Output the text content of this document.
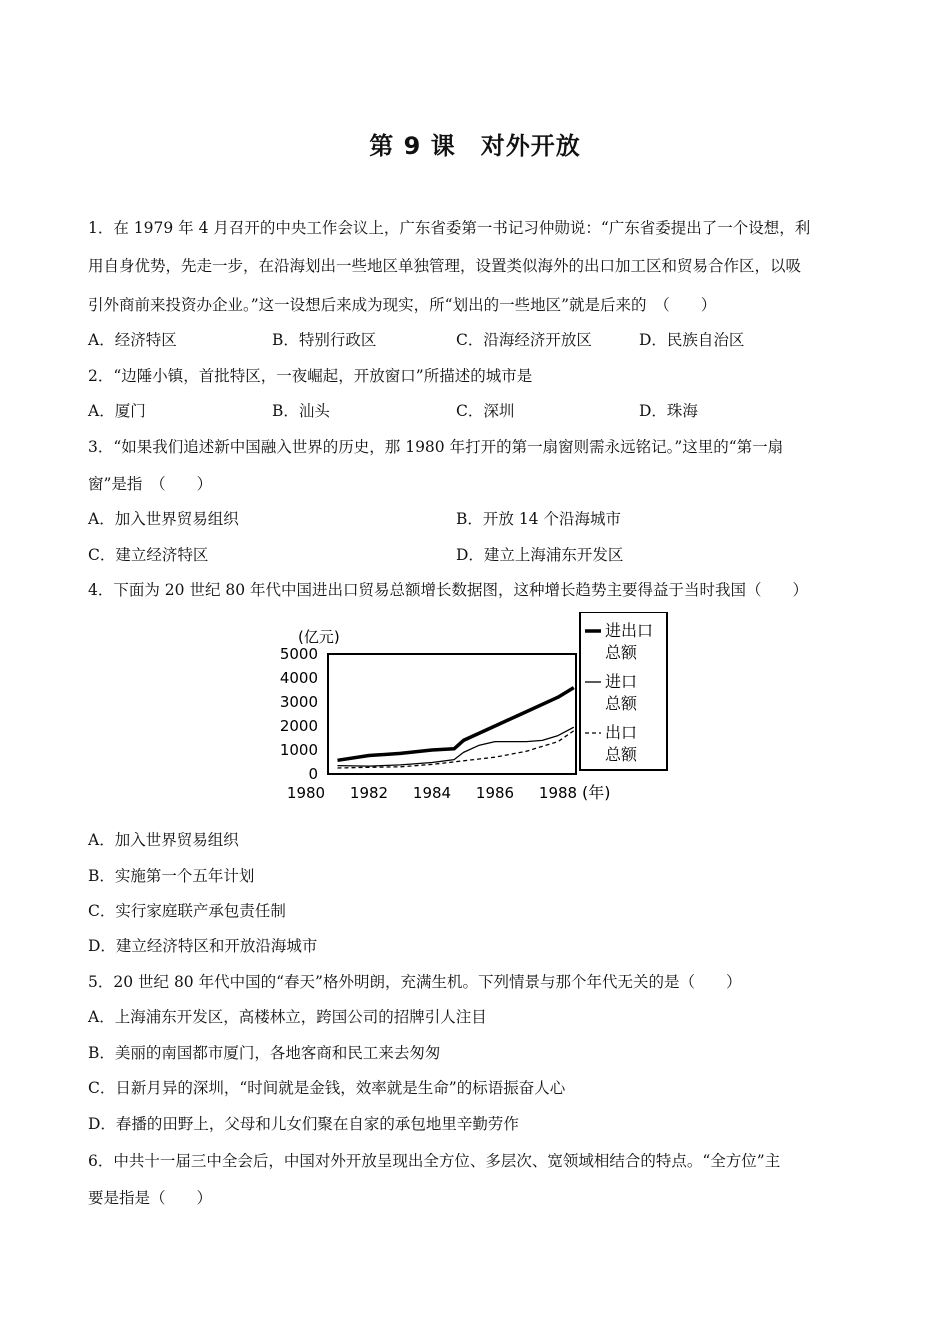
第 9 课　对外开放
1．在 1979 年 4 月召开的中央工作会议上，广东省委第一书记习仲勋说：“广东省委提出了一个设想，利
用自身优势，先走一步，在沿海划出一些地区单独管理，设置类似海外的出口加工区和贸易合作区，以吸
引外商前来投资办企业。”这一设想后来成为现实，所“划出的一些地区”就是后来的　（　　）
A．经济特区	B．特别行政区	C．沿海经济开放区	D．民族自治区
2．“边陲小镇，首批特区，一夜崛起，开放窗口”所描述的城市是
A．厦门	B．汕头	C．深圳	D．珠海
3．“如果我们追述新中国融入世界的历史，那 1980 年打开的第一扇窗则需永远铭记。”这里的“第一扇
窗”是指　（　　）
A．加入世界贸易组织	B．开放 14 个沿海城市
C．建立经济特区	D．建立上海浦东开发区
4．下面为 20 世纪 80 年代中国进出口贸易总额增长数据图，这种增长趋势主要得益于当时我国（　　）
(亿元)
5000
4000
3000
2000
1000
0
1980 1982 1984 1986 1988 (年)
进出口
总额
进口
总额
出口
总额
A．加入世界贸易组织
B．实施第一个五年计划
C．实行家庭联产承包责任制
D．建立经济特区和开放沿海城市
5．20 世纪 80 年代中国的“春天”格外明朗，充满生机。下列情景与那个年代无关的是（　　）
A．上海浦东开发区，高楼林立，跨国公司的招牌引人注目
B．美丽的南国都市厦门，各地客商和民工来去匆匆
C．日新月异的深圳，“时间就是金钱，效率就是生命”的标语振奋人心
D．春播的田野上，父母和儿女们聚在自家的承包地里辛勤劳作
6．中共十一届三中全会后，中国对外开放呈现出全方位、多层次、宽领域相结合的特点。“全方位”主
要是指是（　　）
